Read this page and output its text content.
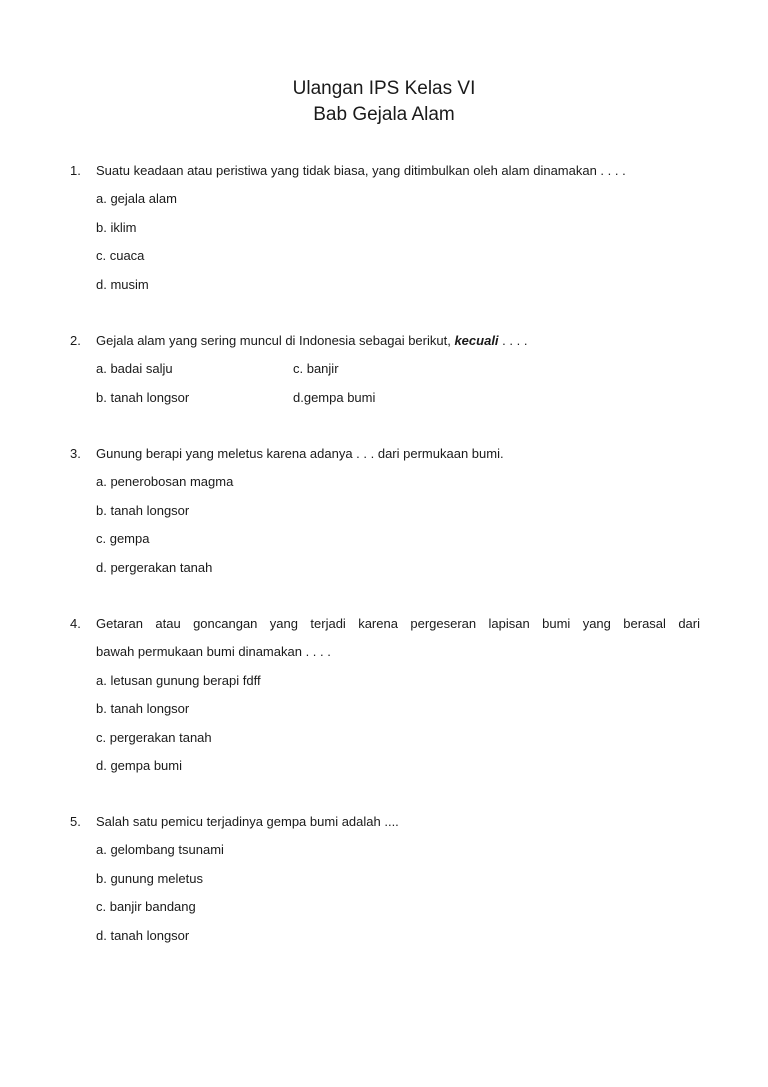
Ulangan IPS Kelas VI
Bab Gejala Alam
1. Suatu keadaan atau peristiwa yang tidak biasa, yang ditimbulkan oleh alam dinamakan . . . .
a. gejala alam
b. iklim
c. cuaca
d. musim
2. Gejala alam yang sering muncul di Indonesia sebagai berikut, kecuali . . . .
a. badai salju	c. banjir
b. tanah longsor	d.gempa bumi
3. Gunung berapi yang meletus karena adanya . . . dari permukaan bumi.
a. penerobosan magma
b. tanah longsor
c. gempa
d. pergerakan tanah
4. Getaran atau goncangan yang terjadi karena pergeseran lapisan bumi yang berasal dari
bawah permukaan bumi dinamakan . . . .
a. letusan gunung berapi fdff
b. tanah longsor
c. pergerakan tanah
d. gempa bumi
5. Salah satu pemicu terjadinya gempa bumi adalah ....
a. gelombang tsunami
b. gunung meletus
c. banjir bandang
d. tanah longsor
